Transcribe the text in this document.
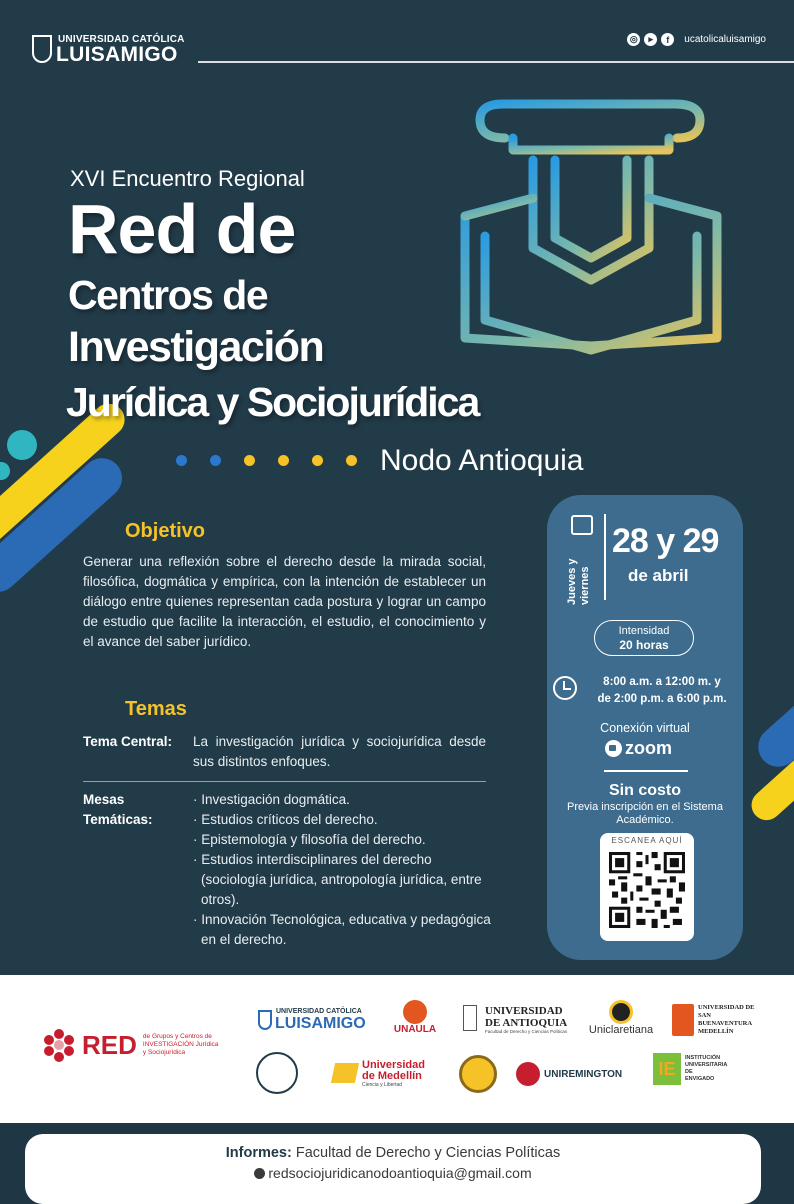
UNIVERSIDAD CATÓLICA
LUISAMIGO
◎	▸	f	ucatolicaluisamigo
XVI Encuentro Regional
Red de
Centros de
Investigación
Jurídica y Sociojurídica
Nodo Antioquia
Objetivo
Generar una reflexión sobre el derecho desde la mirada social, filosófica, dogmática y empírica, con la intención de establecer un diálogo entre quienes representan cada postura y lograr un campo de estudio que facilite la interacción, el estudio, el conocimiento y el avance del saber jurídico.
Temas
Tema Central:	La investigación jurídica y sociojurídica desde sus distintos enfoques.
Mesas Temáticas:
· Investigación dogmática.
· Estudios críticos del derecho.
· Epistemología y filosofía del derecho.
· Estudios interdisciplinares del derecho (sociología jurídica, antropología jurídica, entre otros).
· Innovación Tecnológica, educativa y pedagógica en el derecho.
Jueves y viernes
28 y 29
de abril
Intensidad
20 horas
8:00 a.m. a 12:00 m. y
de 2:00 p.m. a 6:00 p.m.
Conexión virtual
zoom
Sin costo
Previa inscripción en el Sistema Académico.
ESCANEA AQUÍ
RED de Grupos y Centros de INVESTIGACIÓN Jurídica y Sociojurídica
UNIVERSIDAD CATÓLICA
LUISAMIGO	UNAULA
UNIVERSIDAD
DE ANTIOQUIA
Facultad de Derecho y Ciencias Políticas	Uniclaretiana
UNIVERSIDAD DE SAN BUENAVENTURA MEDELLÍN
Universidad
de Medellín
Ciencia y Libertad
UNIREMINGTON	IE
INSTITUCIÓN UNIVERSITARIA DE ENVIGADO
Informes: Facultad de Derecho y Ciencias Políticas
redsociojuridicanodoantioquia@gmail.com
